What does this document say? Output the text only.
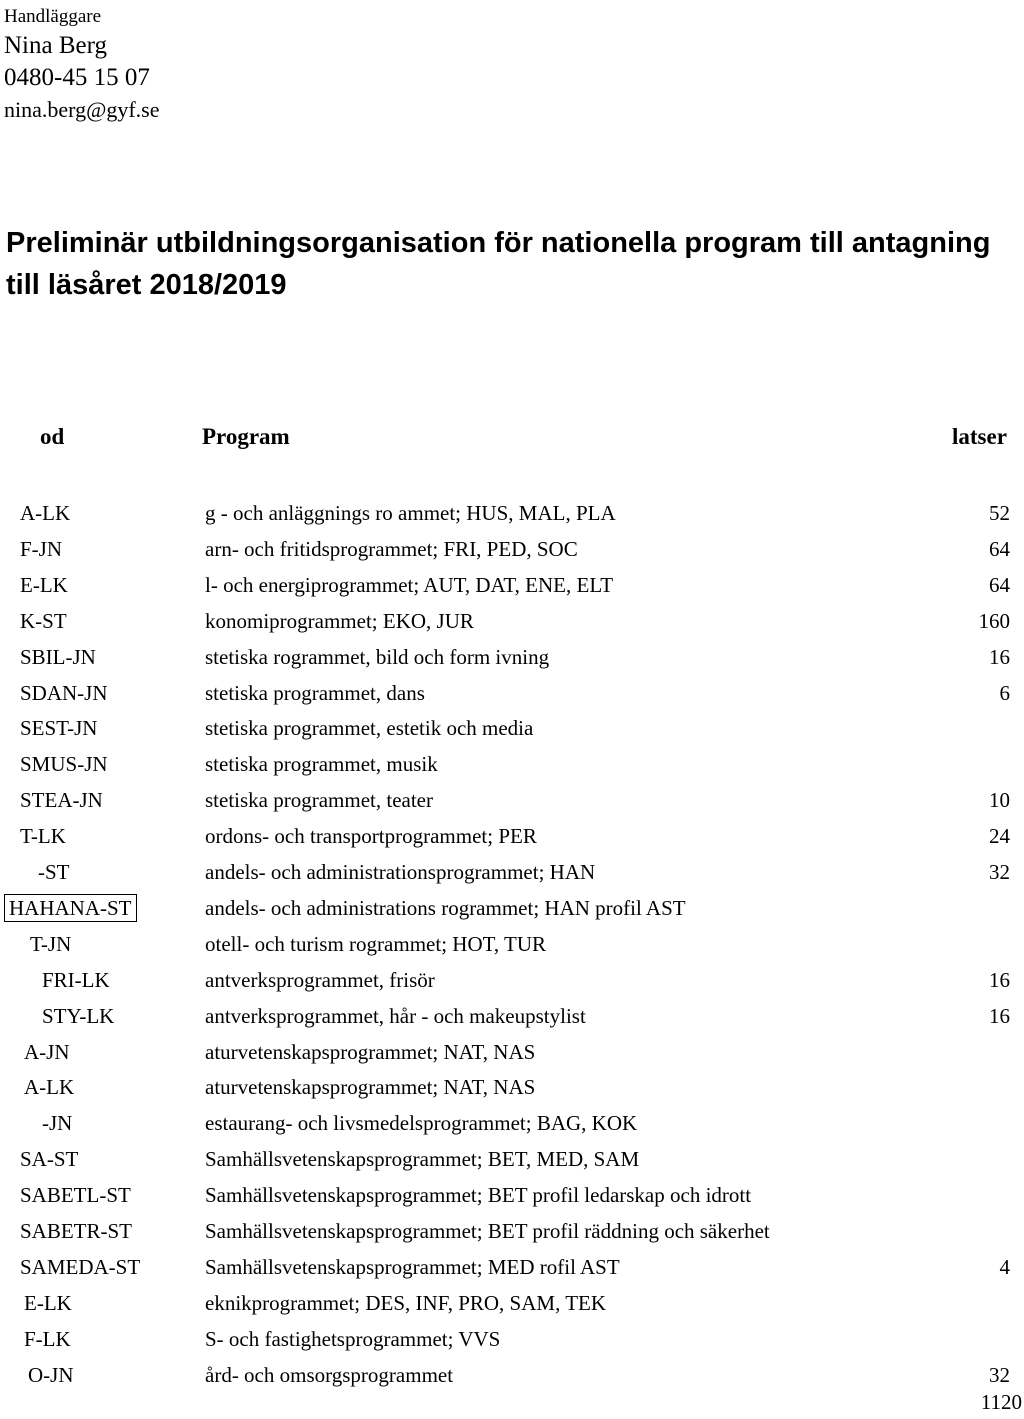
Handläggare
Nina Berg
0480-45 15 07
nina.berg@gyf.se
Preliminär utbildningsorganisation för nationella program till antagning till läsåret 2018/2019
od	Program	latser
A-LK	g - och anläggnings ro ammet; HUS, MAL, PLA	52
F-JN	arn- och fritidsprogrammet; FRI, PED, SOC	64
E-LK	l- och energiprogrammet; AUT, DAT, ENE, ELT	64
K-ST	konomiprogrammet; EKO, JUR	160
SBIL-JN	stetiska rogrammet, bild och form ivning	16
SDAN-JN	stetiska programmet, dans	6
SEST-JN	stetiska programmet, estetik och media
SMUS-JN	stetiska programmet, musik
STEA-JN	stetiska programmet, teater	10
T-LK	ordons- och transportprogrammet; PER	24
-ST	andels- och administrationsprogrammet; HAN	32
HAHANA-ST	andels- och administrations rogrammet; HAN profil AST
T-JN	otell- och turism rogrammet; HOT, TUR
FRI-LK	antverksprogrammet, frisör	16
STY-LK	antverksprogrammet, hår - och makeupstylist	16
A-JN	aturvetenskapsprogrammet; NAT, NAS
A-LK	aturvetenskapsprogrammet; NAT, NAS
-JN	estaurang- och livsmedelsprogrammet; BAG, KOK
SA-ST	Samhällsvetenskapsprogrammet; BET, MED, SAM
SABETL-ST	Samhällsvetenskapsprogrammet; BET profil ledarskap och idrott
SABETR-ST	Samhällsvetenskapsprogrammet; BET profil räddning och säkerhet
SAMEDA-ST	Samhällsvetenskapsprogrammet; MED rofil AST	4
E-LK	eknikprogrammet; DES, INF, PRO, SAM, TEK
F-LK	S- och fastighetsprogrammet; VVS
O-JN	ård- och omsorgsprogrammet	32
1120
